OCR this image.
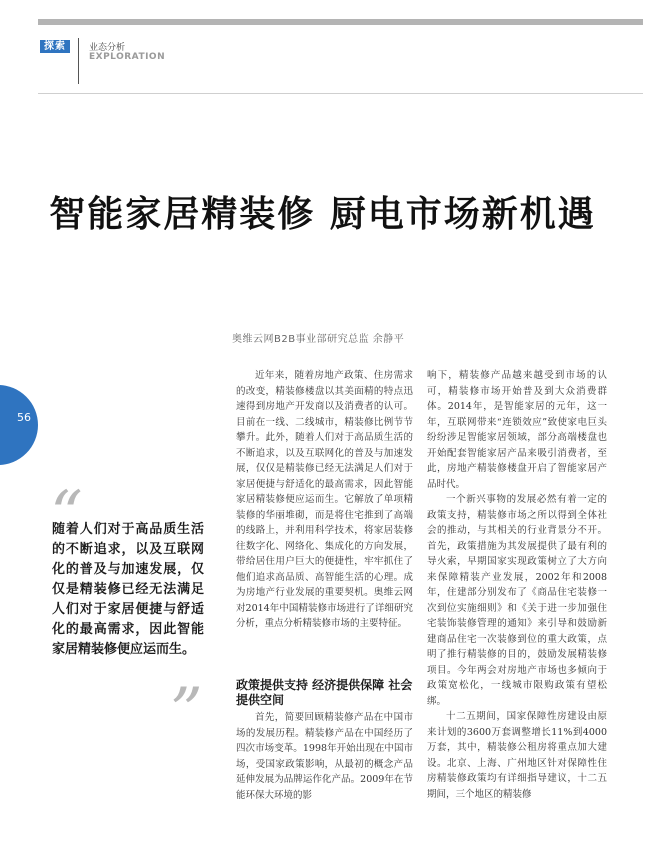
探索	业态分析
EXPLORATION
智能家居精装修 厨电市场新机遇
奥维云网B2B事业部研究总监 余静平
56
“

随着人们对于高品质生活的不断追求，以及互联网化的普及与加速发展，仅仅是精装修已经无法满足人们对于家居便捷与舒适化的最高需求，因此智能家居精装修便应运而生。

”

近年来，随着房地产政策、住房需求的改变，精装修楼盘以其美面精的特点迅速得到房地产开发商以及消费者的认可。目前在一线、二线城市，精装修比例节节攀升。此外，随着人们对于高品质生活的不断追求，以及互联网化的普及与加速发展，仅仅是精装修已经无法满足人们对于家居便捷与舒适化的最高需求，因此智能家居精装修便应运而生。它解放了单项精装修的华丽堆砌，而是将住宅推到了高端的线路上，并利用科学技术，将家居装修往数字化、网络化、集成化的方向发展，带给居住用户巨大的便捷性，牢牢抓住了他们追求高品质、高智能生活的心理。成为房地产行业发展的重要契机。奥维云网对2014年中国精装修市场进行了详细研究分析，重点分析精装修市场的主要特征。

政策提供支持 经济提供保障 社会提供空间

首先，简要回顾精装修产品在中国市场的发展历程。精装修产品在中国经历了四次市场变革。1998年开始出现在中国市场，受国家政策影响，从最初的概念产品延伸发展为品牌运作化产品。2009年在节能环保大环境的影

响下，精装修产品越来越受到市场的认可，精装修市场开始普及到大众消费群体。2014年，是智能家居的元年，这一年，互联网带来“连锁效应”致使家电巨头纷纷涉足智能家居领域，部分高端楼盘也开始配套智能家居产品来吸引消费者，至此，房地产精装修楼盘开启了智能家居产品时代。

一个新兴事物的发展必然有着一定的政策支持，精装修市场之所以得到全体社会的推动，与其相关的行业背景分不开。首先，政策措施为其发展提供了最有利的导火索，早期国家实现政策树立了大方向来保障精装产业发展，2002年和2008年，住建部分别发布了《商品住宅装修一次到位实施细则》和《关于进一步加强住宅装饰装修管理的通知》来引导和鼓励新建商品住宅一次装修到位的重大政策，点明了推行精装修的目的，鼓励发展精装修项目。今年两会对房地产市场也多倾向于政策宽松化，一线城市限购政策有望松绑。

十二五期间，国家保障性房建设由原来计划的3600万套调整增长11%到4000万套，其中，精装修公租房将重点加大建设。北京、上海、广州地区针对保障性住房精装修政策均有详细指导建议，十二五期间，三个地区的精装修
